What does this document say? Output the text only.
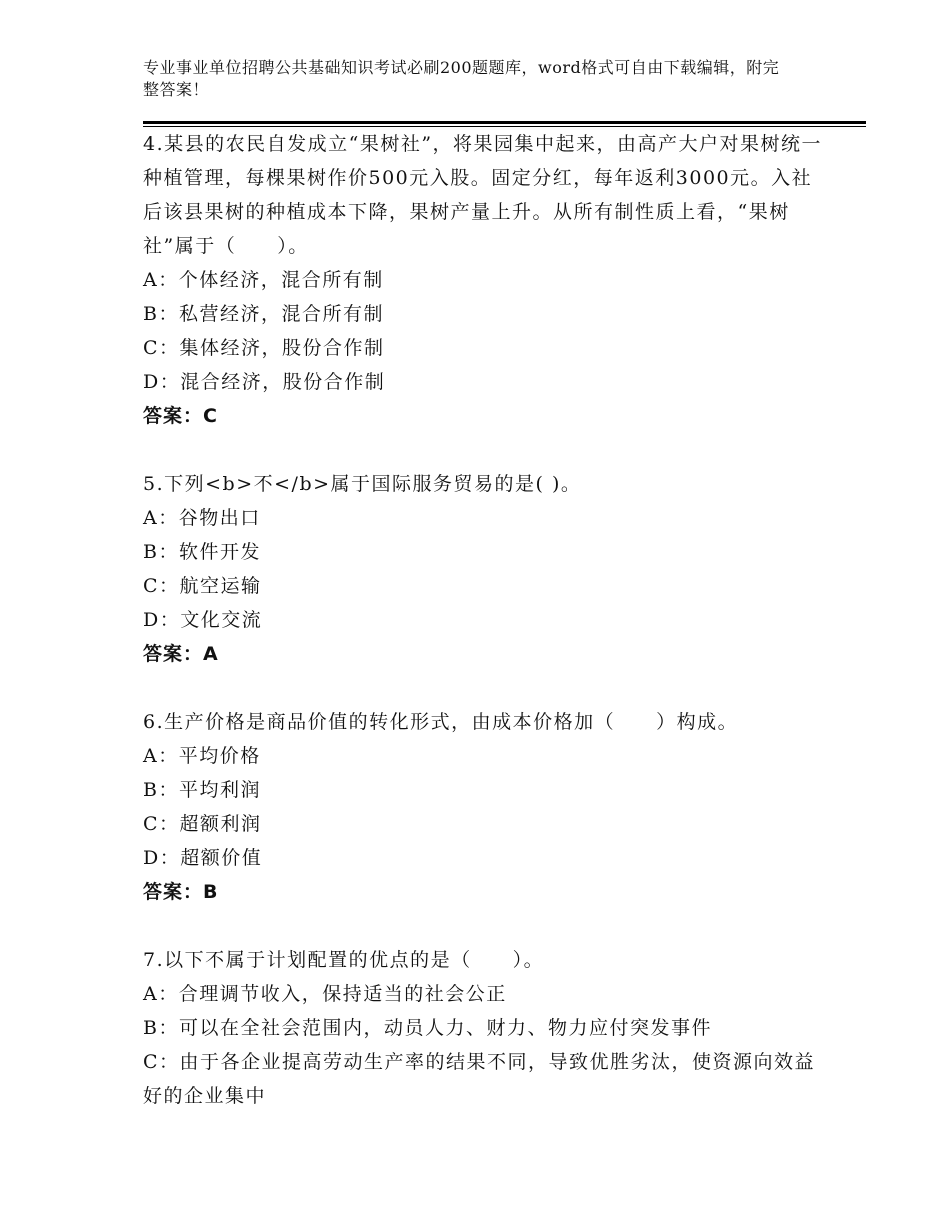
专业事业单位招聘公共基础知识考试必刷200题题库，word格式可自由下载编辑，附完整答案！
4.某县的农民自发成立“果树社”，将果园集中起来，由高产大户对果树统一种植管理，每棵果树作价500元入股。固定分红，每年返利3000元。入社后该县果树的种植成本下降，果树产量上升。从所有制性质上看，“果树社”属于（　　）。
A：个体经济，混合所有制
B：私营经济，混合所有制
C：集体经济，股份合作制
D：混合经济，股份合作制
答案：C
5.下列<b>不</b>属于国际服务贸易的是( )。
A：谷物出口
B：软件开发
C：航空运输
D：文化交流
答案：A
6.生产价格是商品价值的转化形式，由成本价格加（　　）构成。
A：平均价格
B：平均利润
C：超额利润
D：超额价值
答案：B
7.以下不属于计划配置的优点的是（　　）。
A：合理调节收入，保持适当的社会公正
B：可以在全社会范围内，动员人力、财力、物力应付突发事件
C：由于各企业提高劳动生产率的结果不同，导致优胜劣汰，使资源向效益好的企业集中
